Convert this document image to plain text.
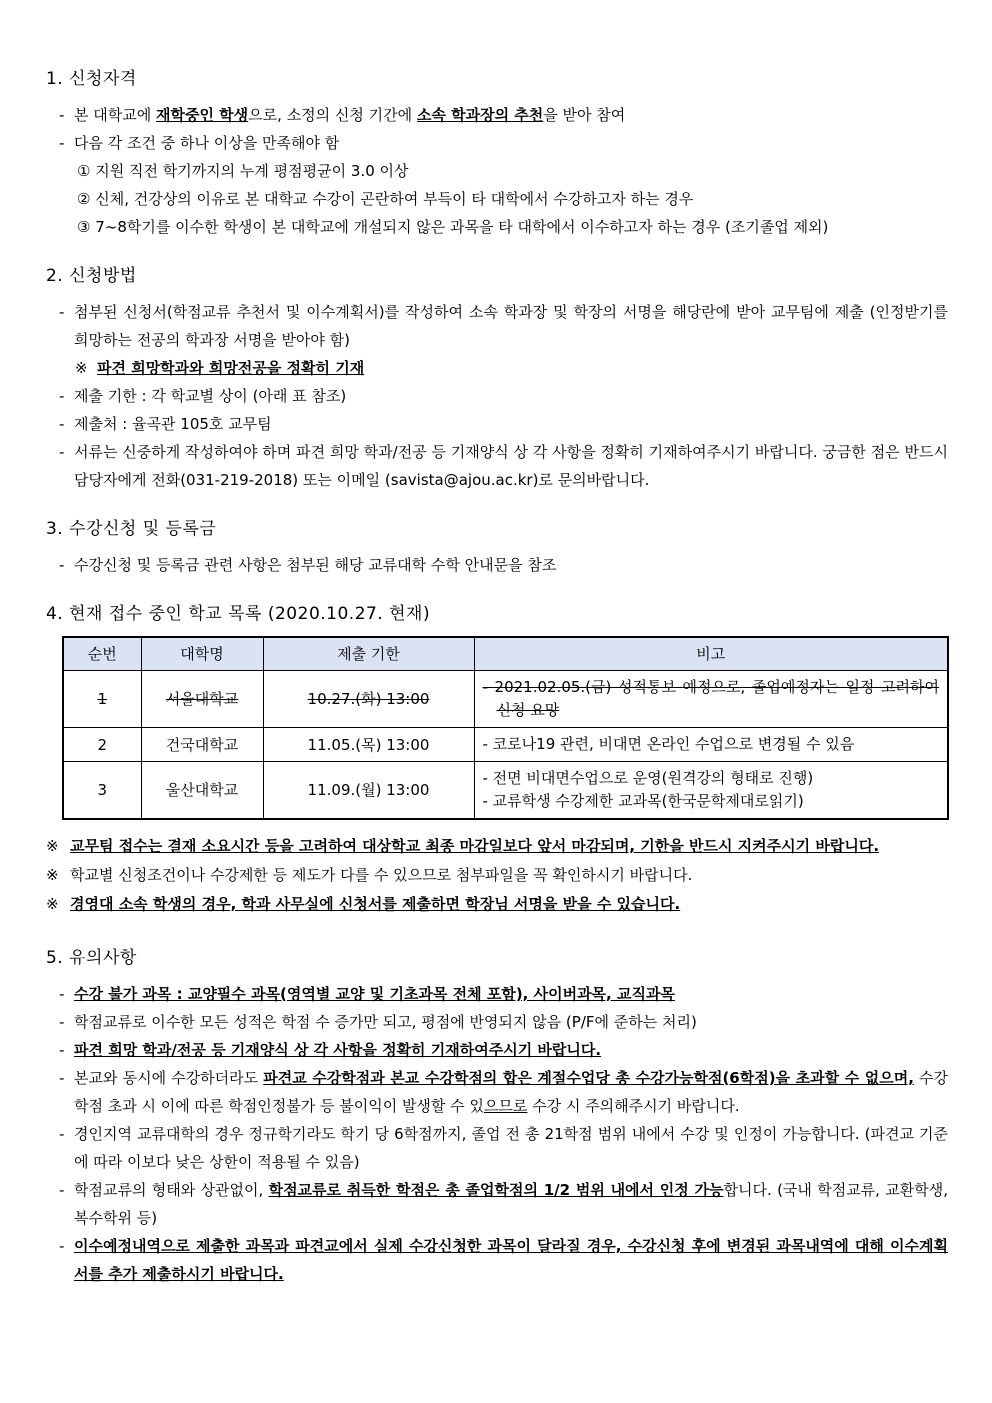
1. 신청자격
- 본 대학교에 재학중인 학생으로, 소정의 신청 기간에 소속 학과장의 추천을 받아 참여
- 다음 각 조건 중 하나 이상을 만족해야 함
① 지원 직전 학기까지의 누계 평점평균이 3.0 이상
② 신체, 건강상의 이유로 본 대학교 수강이 곤란하여 부득이 타 대학에서 수강하고자 하는 경우
③ 7~8학기를 이수한 학생이 본 대학교에 개설되지 않은 과목을 타 대학에서 이수하고자 하는 경우 (조기졸업 제외)
2. 신청방법
- 첨부된 신청서(학점교류 추천서 및 이수계획서)를 작성하여 소속 학과장 및 학장의 서명을 해당란에 받아 교무팀에 제출 (인정받기를 희망하는 전공의 학과장 서명을 받아야 함)
※ 파견 희망학과와 희망전공을 정확히 기재
- 제출 기한 : 각 학교별 상이 (아래 표 참조)
- 제출처 : 율곡관 105호 교무팀
- 서류는 신중하게 작성하여야 하며 파견 희망 학과/전공 등 기재양식 상 각 사항을 정확히 기재하여주시기 바랍니다. 궁금한 점은 반드시 담당자에게 전화(031-219-2018) 또는 이메일 (savista@ajou.ac.kr)로 문의바랍니다.
3. 수강신청 및 등록금
- 수강신청 및 등록금 관련 사항은 첨부된 해당 교류대학 수학 안내문을 참조
4. 현재 접수 중인 학교 목록 (2020.10.27. 현재)
순번	대학명	제출 기한	비고
1	서울대학교	10.27.(화) 13:00	- 2021.02.05.(금) 성적통보 예정으로, 졸업예정자는 일정 고려하여 신청 요망

2	건국대학교	11.05.(목) 13:00	- 코로나19 관련, 비대면 온라인 수업으로 변경될 수 있음

3	울산대학교	11.09.(월) 13:00	- 전면 비대면수업으로 운영(원격강의 형태로 진행)
- 교류학생 수강제한 교과목(한국문학제대로읽기)
※ 교무팀 접수는 결재 소요시간 등을 고려하여 대상학교 최종 마감일보다 앞서 마감되며, 기한을 반드시 지켜주시기 바랍니다.
※ 학교별 신청조건이나 수강제한 등 제도가 다를 수 있으므로 첨부파일을 꼭 확인하시기 바랍니다.
※ 경영대 소속 학생의 경우, 학과 사무실에 신청서를 제출하면 학장님 서명을 받을 수 있습니다.
5. 유의사항
- 수강 불가 과목 : 교양필수 과목(영역별 교양 및 기초과목 전체 포함), 사이버과목, 교직과목
- 학점교류로 이수한 모든 성적은 학점 수 증가만 되고, 평점에 반영되지 않음 (P/F에 준하는 처리)
- 파견 희망 학과/전공 등 기재양식 상 각 사항을 정확히 기재하여주시기 바랍니다.
- 본교와 동시에 수강하더라도 파견교 수강학점과 본교 수강학점의 합은 계절수업당 총 수강가능학점(6학점)을 초과할 수 없으며, 수강학점 초과 시 이에 따른 학점인정불가 등 불이익이 발생할 수 있으므로 수강 시 주의해주시기 바랍니다.
- 경인지역 교류대학의 경우 정규학기라도 학기 당 6학점까지, 졸업 전 총 21학점 범위 내에서 수강 및 인정이 가능합니다. (파견교 기준에 따라 이보다 낮은 상한이 적용될 수 있음)
- 학점교류의 형태와 상관없이, 학점교류로 취득한 학점은 총 졸업학점의 1/2 범위 내에서 인정 가능합니다. (국내 학점교류, 교환학생, 복수학위 등)
- 이수예정내역으로 제출한 과목과 파견교에서 실제 수강신청한 과목이 달라질 경우, 수강신청 후에 변경된 과목내역에 대해 이수계획서를 추가 제출하시기 바랍니다.
